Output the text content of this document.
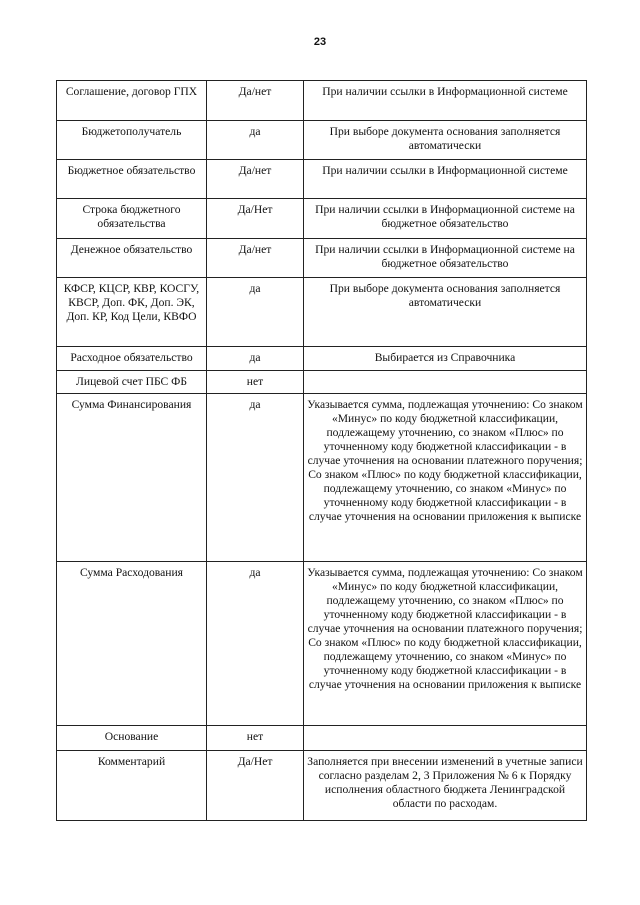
23
Соглашение, договор ГПХ	Да/нет	При наличии ссылки в Информационной системе
Бюджетополучатель	да	При выборе документа основания заполняется автоматически
Бюджетное обязательство	Да/нет	При наличии ссылки в Информационной системе
Строка бюджетного обязательства	Да/Нет	При наличии ссылки в Информационной системе на бюджетное обязательство
Денежное обязательство	Да/нет	При наличии ссылки в Информационной системе на бюджетное обязательство
КФСР, КЦСР, КВР, КОСГУ, КВСР, Доп. ФК, Доп. ЭК, Доп. КР, Код Цели, КВФО	да	При выборе документа основания заполняется автоматически
Расходное обязательство	да	Выбирается из Справочника
Лицевой счет ПБС ФБ	нет	
Сумма Финансирования	да	Указывается сумма, подлежащая уточнению: Со знаком «Минус» по коду бюджетной классификации, подлежащему уточнению, со знаком «Плюс» по уточненному коду бюджетной классификации - в случае уточнения на основании платежного поручения; Со знаком «Плюс» по коду бюджетной классификации, подлежащему уточнению, со знаком «Минус» по уточненному коду бюджетной классификации - в случае уточнения на основании приложения к выписке
Сумма Расходования	да	Указывается сумма, подлежащая уточнению: Со знаком «Минус» по коду бюджетной классификации, подлежащему уточнению, со знаком «Плюс» по уточненному коду бюджетной классификации - в случае уточнения на основании платежного поручения; Со знаком «Плюс» по коду бюджетной классификации, подлежащему уточнению, со знаком «Минус» по уточненному коду бюджетной классификации - в случае уточнения на основании приложения к выписке
Основание	нет	
Комментарий	Да/Нет	Заполняется при внесении изменений в учетные записи согласно разделам 2, 3 Приложения № 6 к Порядку исполнения областного бюджета Ленинградской области по расходам.
